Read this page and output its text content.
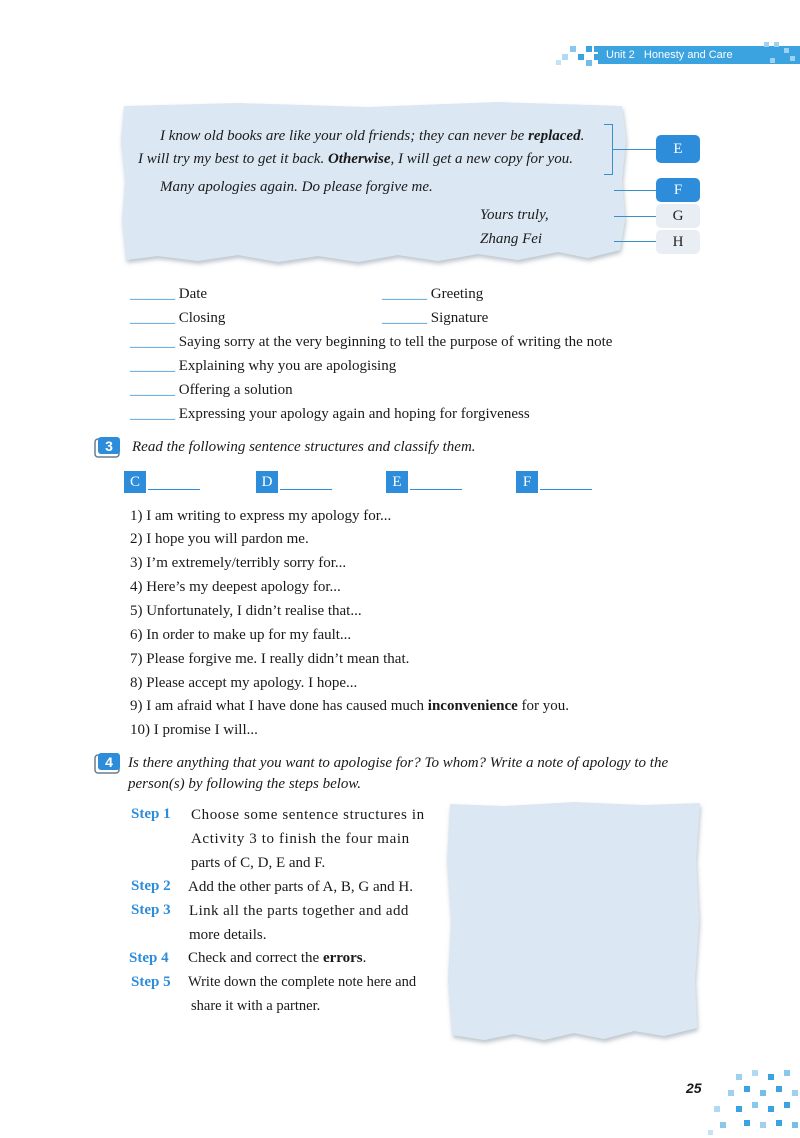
Unit 2 Honesty and Care
I know old books are like your old friends; they can never be replaced.
I will try my best to get it back. Otherwise, I will get a new copy for you.
Many apologies again. Do please forgive me.
Yours truly,
Zhang Fei
E
F
G
H
______ Date	______ Greeting
______ Closing	______ Signature
______ Saying sorry at the very beginning to tell the purpose of writing the note
______ Explaining why you are apologising
______ Offering a solution
______ Expressing your apology again and hoping for forgiveness
3 Read the following sentence structures and classify them.
C	D	E	F
1) I am writing to express my apology for...
2) I hope you will pardon me.
3) I’m extremely/terribly sorry for...
4) Here’s my deepest apology for...
5) Unfortunately, I didn’t realise that...
6) In order to make up for my fault...
7) Please forgive me. I really didn’t mean that.
8) Please accept my apology. I hope...
9) I am afraid what I have done has caused much inconvenience for you.
10) I promise I will...
4 Is there anything that you want to apologise for? To whom? Write a note of apology to the
person(s) by following the steps below.
Step 1 Choose some sentence structures in
Activity 3 to finish the four main
parts of C, D, E and F.
Step 2 Add the other parts of A, B, G and H.
Step 3 Link all the parts together and add
more details.
Step 4 Check and correct the errors.
Step 5 Write down the complete note here and
share it with a partner.
25
